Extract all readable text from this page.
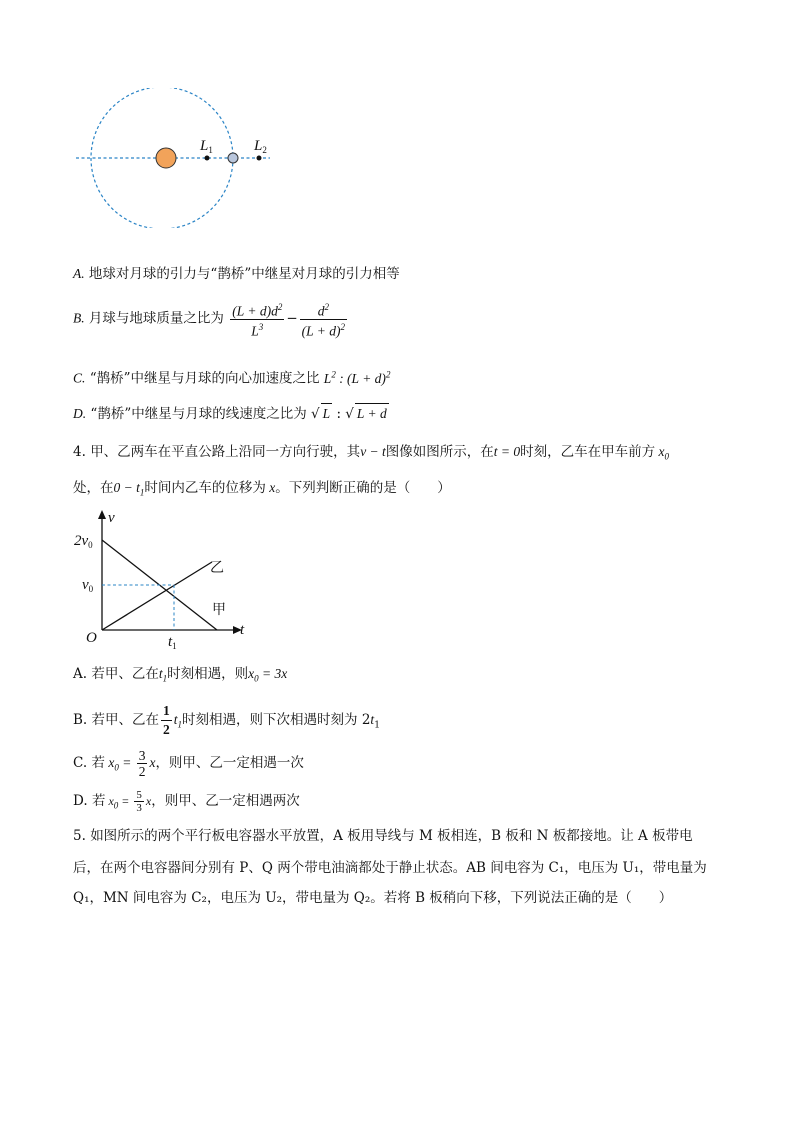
$L_1$	$L_2$
A. 地球对月球的引力与“鹊桥”中继星对月球的引力相等
B. 月球与地球质量之比为 $\frac{(L + d)d^2}{L^3} - \frac{d^2}{(L + d)^2}$
C. “鹊桥”中继星与月球的向心加速度之比 $L^2$ : $(L + d)^2$
D. “鹊桥”中继星与月球的线速度之比为 √ L : √ L + d
4. 甲、乙两车在平直公路上沿同一方向行驶，其v − t图像如图所示，在t = 0时刻，乙车在甲车前方 $x_0$
处，在$0 - t_1$时间内乙车的位移为 x。下列判断正确的是（　　）
v
t
O
$2v_0$
$v_0$
$t_1$
乙
甲
A. 若甲、乙在$t_1$时刻相遇，则$x_0 = 3x$
B. 若甲、乙在 $\frac{1}{2} t_1$时刻相遇，则下次相遇时刻为 $2t_1$
C. 若 $x_0 = \frac{3}{2}$ x，则甲、乙一定相遇一次
D. 若 $x_0 = \frac{5}{3}$ x，则甲、乙一定相遇两次
5. 如图所示的两个平行板电容器水平放置，A 板用导线与 M 板相连，B 板和 N 板都接地。让 A 板带电
后，在两个电容器间分别有 P、Q 两个带电油滴都处于静止状态。AB 间电容为 C₁，电压为 U₁，带电量为
Q₁，MN 间电容为 C₂，电压为 U₂，带电量为 Q₂。若将 B 板稍向下移，下列说法正确的是（　　）
